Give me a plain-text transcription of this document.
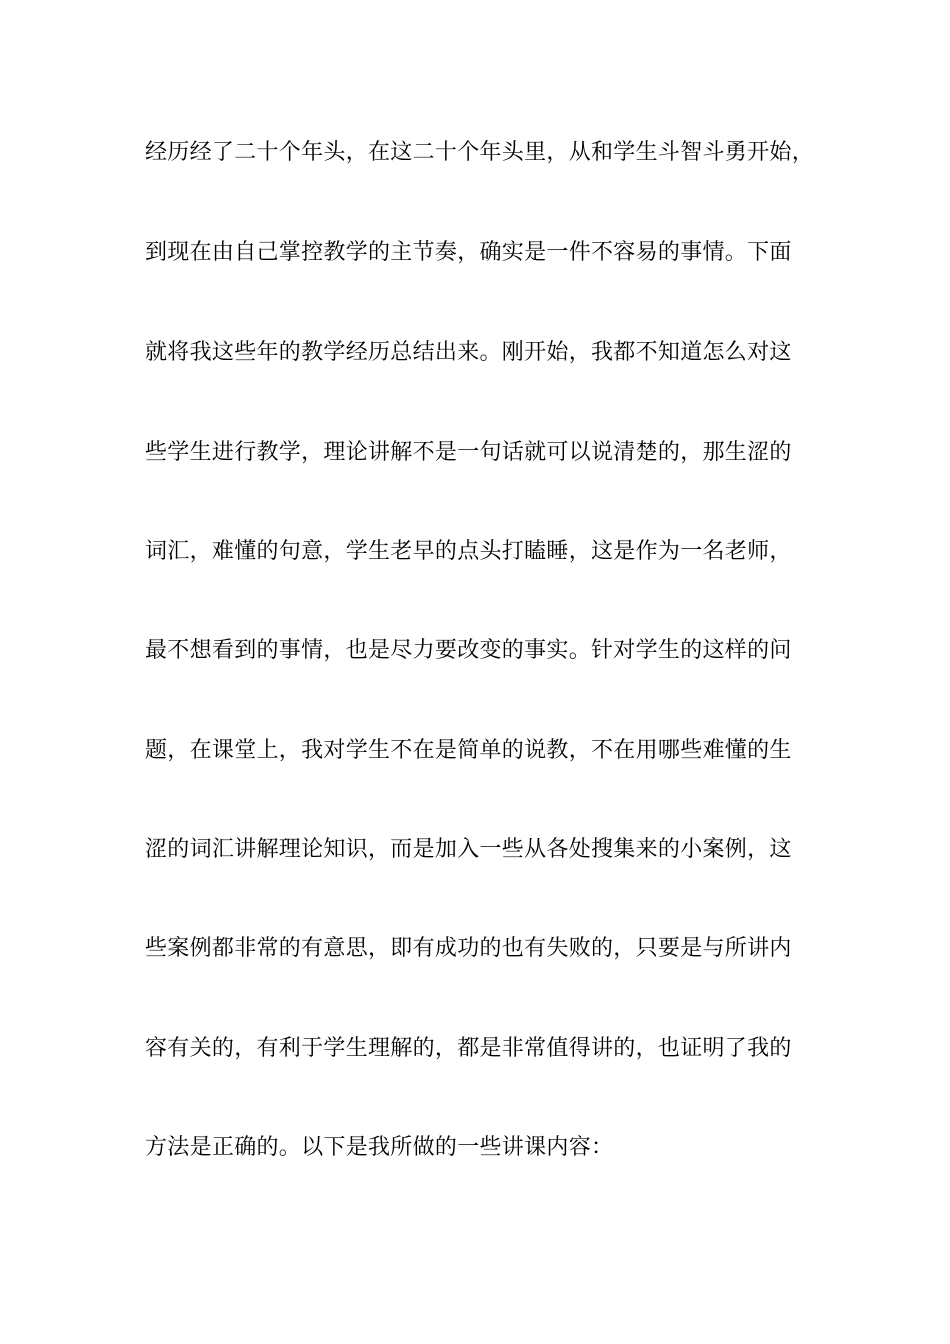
经历经了二十个年头，在这二十个年头里，从和学生斗智斗勇开始，
到现在由自己掌控教学的主节奏，确实是一件不容易的事情。下面
就将我这些年的教学经历总结出来。刚开始，我都不知道怎么对这
些学生进行教学，理论讲解不是一句话就可以说清楚的，那生涩的
词汇，难懂的句意，学生老早的点头打瞌睡，这是作为一名老师，
最不想看到的事情，也是尽力要改变的事实。针对学生的这样的问
题，在课堂上，我对学生不在是简单的说教，不在用哪些难懂的生
涩的词汇讲解理论知识，而是加入一些从各处搜集来的小案例，这
些案例都非常的有意思，即有成功的也有失败的，只要是与所讲内
容有关的，有利于学生理解的，都是非常值得讲的，也证明了我的
方法是正确的。以下是我所做的一些讲课内容：
